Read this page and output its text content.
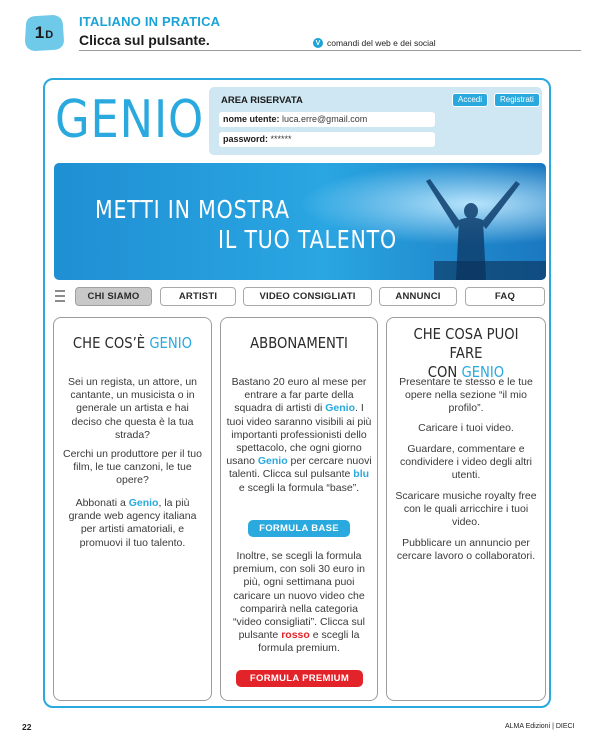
1 D
ITALIANO IN PRATICA
Clicca sul pulsante.	V comandi del web e dei social
GENIO AREA RISERVATA	Accedi	Registrati
nome utente: luca.erre@gmail.com
password: ******
METTI IN MOSTRA
IL TUO TALENTO
CHI SIAMO	ARTISTI	VIDEO CONSIGLIATI	ANNUNCI	FAQ
CHE COS’È GENIO
Sei un regista, un attore, un cantante, un musicista o in generale un artista e hai deciso che questa è la tua strada?
Cerchi un produttore per il tuo film, le tue canzoni, le tue opere?
Abbonati a Genio, la più grande web agency italiana per artisti amatoriali, e promuovi il tuo talento.
ABBONAMENTI
Bastano 20 euro al mese per entrare a far parte della squadra di artisti di Genio. I tuoi video saranno visibili ai più importanti professionisti dello spettacolo, che ogni giorno usano Genio per cercare nuovi talenti. Clicca sul pulsante blu e scegli la formula “base”.
FORMULA BASE
Inoltre, se scegli la formula premium, con soli 30 euro in più, ogni settimana puoi caricare un nuovo video che comparirà nella categoria “video consigliati”. Clicca sul pulsante rosso e scegli la formula premium.
FORMULA PREMIUM
CHE COSA PUOI FARE
CON GENIO
Presentare te stesso e le tue opere nella sezione “il mio profilo”.
Caricare i tuoi video.
Guardare, commentare e condividere i video degli altri utenti.
Scaricare musiche royalty free con le quali arricchire i tuoi video.
Pubblicare un annuncio per cercare lavoro o collaboratori.
22	ALMA Edizioni | DIECI
